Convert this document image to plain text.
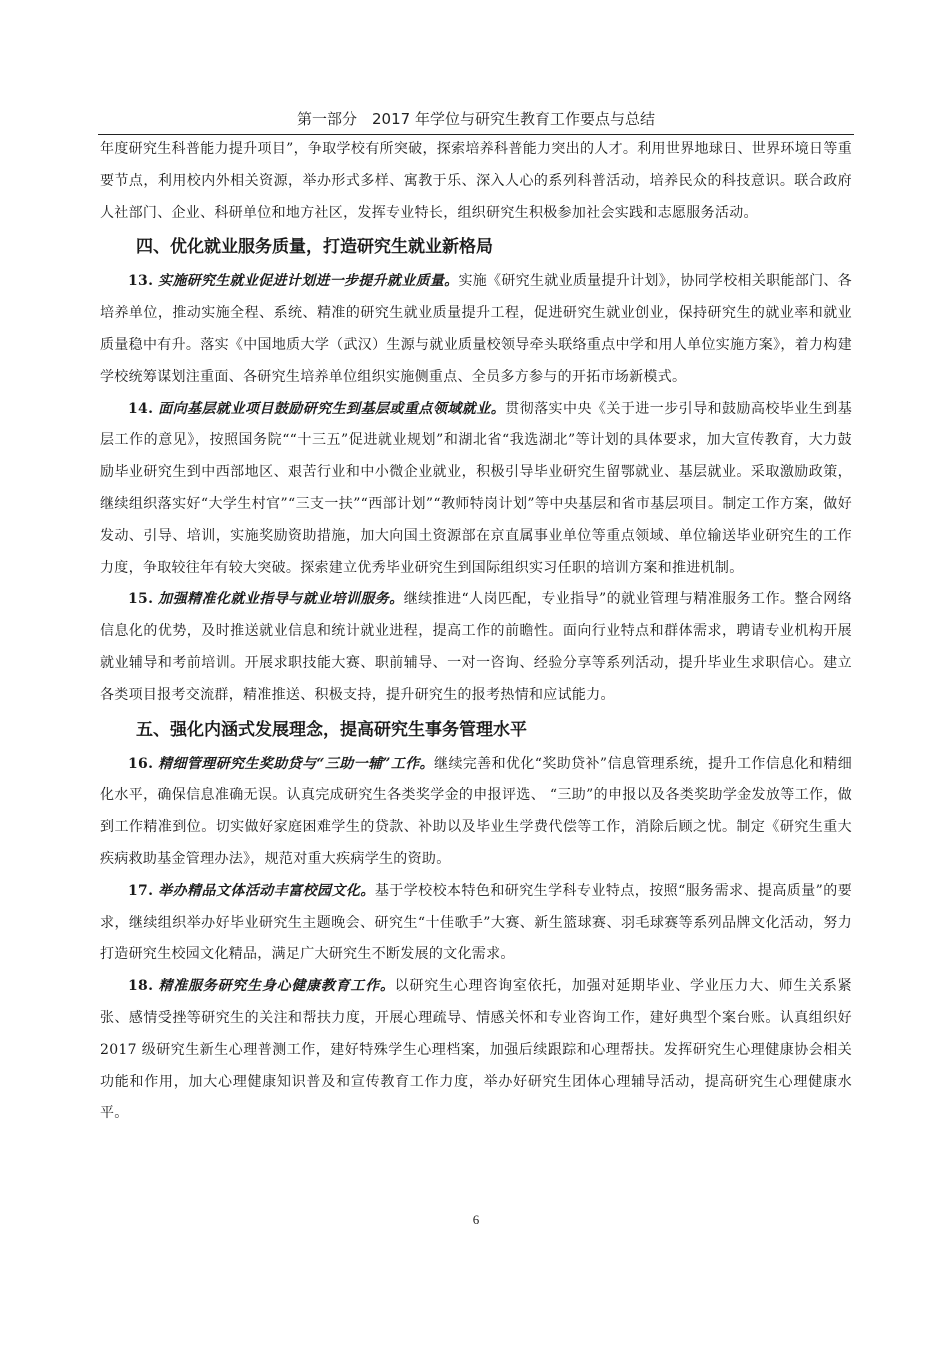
第一部分　2017 年学位与研究生教育工作要点与总结

年度研究生科普能力提升项目”，争取学校有所突破，探索培养科普能力突出的人才。利用世界地球日、世界环境日等重要节点，利用校内外相关资源，举办形式多样、寓教于乐、深入人心的系列科普活动，培养民众的科技意识。联合政府人社部门、企业、科研单位和地方社区，发挥专业特长，组织研究生积极参加社会实践和志愿服务活动。

四、优化就业服务质量，打造研究生就业新格局

13. 实施研究生就业促进计划进一步提升就业质量。实施《研究生就业质量提升计划》，协同学校相关职能部门、各培养单位，推动实施全程、系统、精准的研究生就业质量提升工程，促进研究生就业创业，保持研究生的就业率和就业质量稳中有升。落实《中国地质大学（武汉）生源与就业质量校领导牵头联络重点中学和用人单位实施方案》，着力构建学校统筹谋划注重面、各研究生培养单位组织实施侧重点、全员多方参与的开拓市场新模式。

14. 面向基层就业项目鼓励研究生到基层或重点领域就业。贯彻落实中央《关于进一步引导和鼓励高校毕业生到基层工作的意见》，按照国务院““十三五”促进就业规划”和湖北省“我选湖北”等计划的具体要求，加大宣传教育，大力鼓励毕业研究生到中西部地区、艰苦行业和中小微企业就业，积极引导毕业研究生留鄂就业、基层就业。采取激励政策，继续组织落实好“大学生村官”“三支一扶”“西部计划”“教师特岗计划”等中央基层和省市基层项目。制定工作方案，做好发动、引导、培训，实施奖励资助措施，加大向国土资源部在京直属事业单位等重点领域、单位输送毕业研究生的工作力度，争取较往年有较大突破。探索建立优秀毕业研究生到国际组织实习任职的培训方案和推进机制。

15. 加强精准化就业指导与就业培训服务。继续推进“人岗匹配，专业指导”的就业管理与精准服务工作。整合网络信息化的优势，及时推送就业信息和统计就业进程，提高工作的前瞻性。面向行业特点和群体需求，聘请专业机构开展就业辅导和考前培训。开展求职技能大赛、职前辅导、一对一咨询、经验分享等系列活动，提升毕业生求职信心。建立各类项目报考交流群，精准推送、积极支持，提升研究生的报考热情和应试能力。

五、强化内涵式发展理念，提高研究生事务管理水平

16. 精细管理研究生奖助贷与“三助一辅”工作。继续完善和优化“奖助贷补”信息管理系统，提升工作信息化和精细化水平，确保信息准确无误。认真完成研究生各类奖学金的申报评选、 “三助”的申报以及各类奖助学金发放等工作，做到工作精准到位。切实做好家庭困难学生的贷款、补助以及毕业生学费代偿等工作，消除后顾之忧。制定《研究生重大疾病救助基金管理办法》，规范对重大疾病学生的资助。

17. 举办精品文体活动丰富校园文化。基于学校校本特色和研究生学科专业特点，按照“服务需求、提高质量”的要求，继续组织举办好毕业研究生主题晚会、研究生“十佳歌手”大赛、新生篮球赛、羽毛球赛等系列品牌文化活动，努力打造研究生校园文化精品，满足广大研究生不断发展的文化需求。

18. 精准服务研究生身心健康教育工作。以研究生心理咨询室依托，加强对延期毕业、学业压力大、师生关系紧张、感情受挫等研究生的关注和帮扶力度，开展心理疏导、情感关怀和专业咨询工作，建好典型个案台账。认真组织好 2017 级研究生新生心理普测工作，建好特殊学生心理档案，加强后续跟踪和心理帮扶。发挥研究生心理健康协会相关功能和作用，加大心理健康知识普及和宣传教育工作力度，举办好研究生团体心理辅导活动，提高研究生心理健康水平。

6
